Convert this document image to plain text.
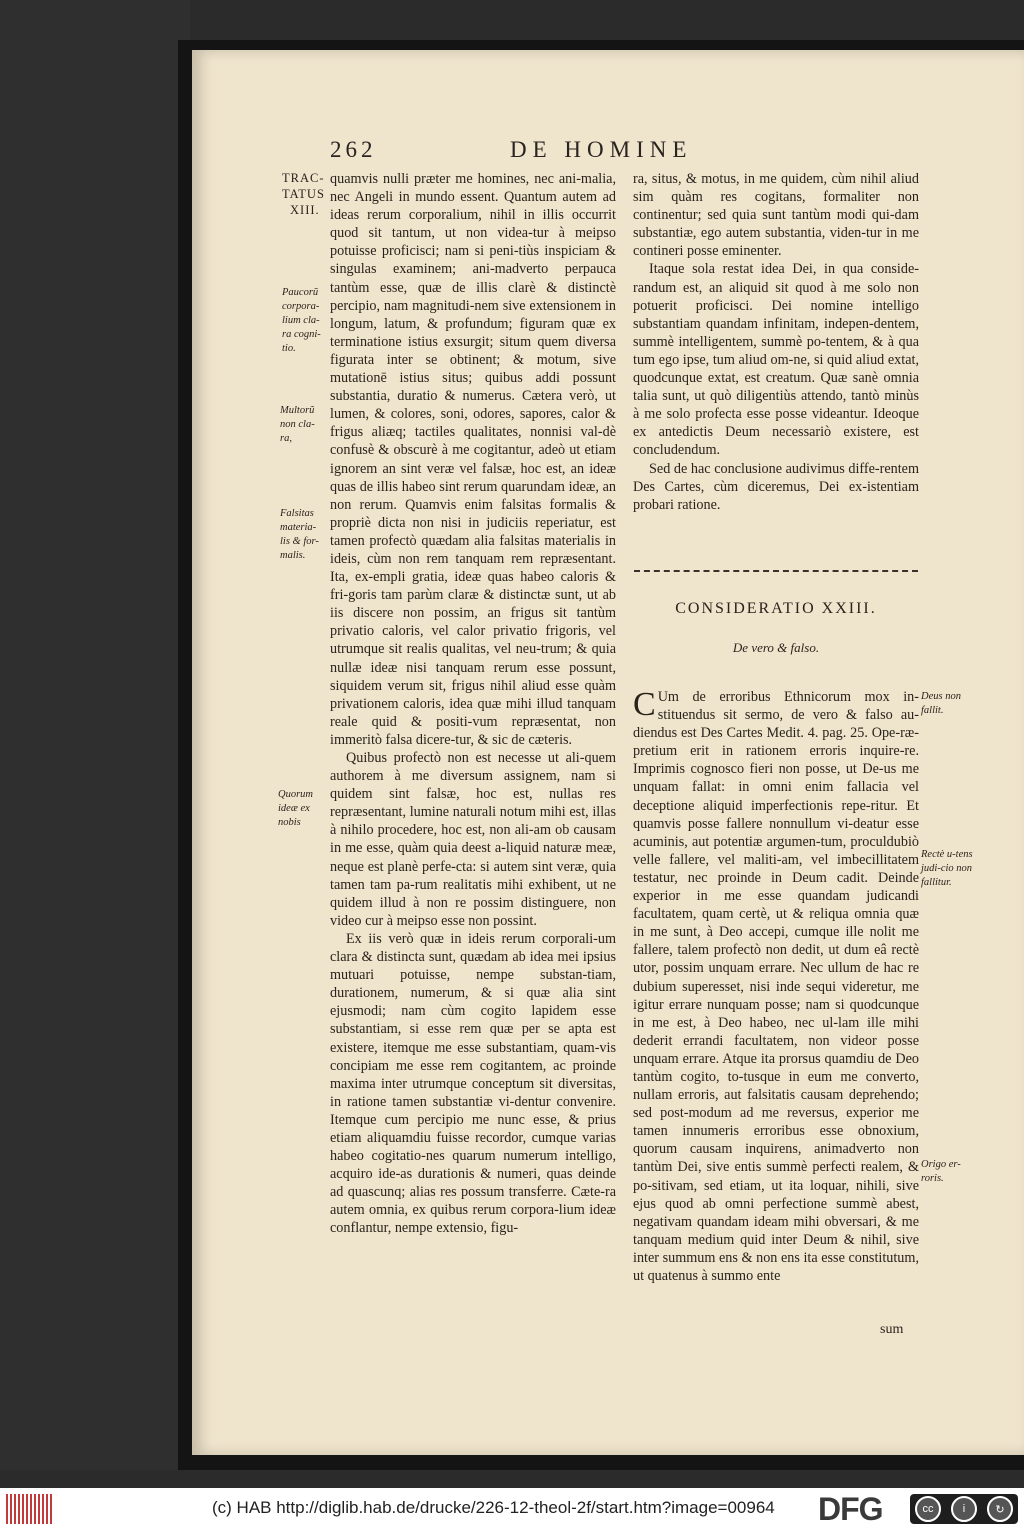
262	DE HOMINE
TRAC-
TATUS
XIII.
Paucorũ corpora-lium cla-ra cogni-tio.
Multorũ non cla-ra,
Falsitas materia-lis & for-malis.
Quorum ideæ ex nobis
Deus non fallit.
Rectè u-tens judi-cio non fallitur.
Origo er-roris.

quamvis nulli præter me homines, nec ani-malia, nec Angeli in mundo essent. Quantum autem ad ideas rerum corporalium, nihil in illis occurrit quod sit tantum, ut non videa-tur à meipso potuisse proficisci; nam si peni-tiùs inspiciam & singulas examinem; ani-madverto perpauca tantùm esse, quæ de illis clarè & distinctè percipio, nam magnitudi-nem sive extensionem in longum, latum, & profundum; figuram quæ ex terminatione istius exsurgit; situm quem diversa figurata inter se obtinent; & motum, sive mutationē istius situs; quibus addi possunt substantia, duratio & numerus. Cætera verò, ut lumen, & colores, soni, odores, sapores, calor & frigus aliæq; tactiles qualitates, nonnisi val-dè confusè & obscurè à me cogitantur, adeò ut etiam ignorem an sint veræ vel falsæ, hoc est, an ideæ quas de illis habeo sint rerum quarundam ideæ, an non rerum. Quamvis enim falsitas formalis & propriè dicta non nisi in judiciis reperiatur, est tamen profectò quædam alia falsitas materialis in ideis, cùm non rem tanquam rem repræsentant. Ita, ex-empli gratia, ideæ quas habeo caloris & fri-goris tam parùm claræ & distinctæ sunt, ut ab iis discere non possim, an frigus sit tantùm privatio caloris, vel calor privatio frigoris, vel utrumque sit realis qualitas, vel neu-trum; & quia nullæ ideæ nisi tanquam rerum esse possunt, siquidem verum sit, frigus nihil aliud esse quàm privationem caloris, idea quæ mihi illud tanquam reale quid & positi-vum repræsentat, non immeritò falsa dicere-tur, & sic de cæteris.

Quibus profectò non est necesse ut ali-quem authorem à me diversum assignem, nam si quidem sint falsæ, hoc est, nullas res repræsentant, lumine naturali notum mihi est, illas à nihilo procedere, hoc est, non ali-am ob causam in me esse, quàm quia deest a-liquid naturæ meæ, neque est planè perfe-cta: si autem sint veræ, quia tamen tam pa-rum realitatis mihi exhibent, ut ne quidem illud à non re possim distinguere, non video cur à meipso esse non possint.

Ex iis verò quæ in ideis rerum corporali-um clara & distincta sunt, quædam ab idea mei ipsius mutuari potuisse, nempe substan-tiam, durationem, numerum, & si quæ alia sint ejusmodi; nam cùm cogito lapidem esse substantiam, si esse rem quæ per se apta est existere, itemque me esse substantiam, quam-vis concipiam me esse rem cogitantem, ac proinde maxima inter utrumque conceptum sit diversitas, in ratione tamen substantiæ vi-dentur convenire. Itemque cum percipio me nunc esse, & prius etiam aliquamdiu fuisse recordor, cumque varias habeo cogitatio-nes quarum numerum intelligo, acquiro ide-as durationis & numeri, quas deinde ad quascunq; alias res possum transferre. Cæte-ra autem omnia, ex quibus rerum corpora-lium ideæ conflantur, nempe extensio, figu-

ra, situs, & motus, in me quidem, cùm nihil aliud sim quàm res cogitans, formaliter non continentur; sed quia sunt tantùm modi qui-dam substantiæ, ego autem substantia, viden-tur in me contineri posse eminenter.

Itaque sola restat idea Dei, in qua conside-randum est, an aliquid sit quod à me solo non potuerit proficisci. Dei nomine intelligo substantiam quandam infinitam, indepen-dentem, summè intelligentem, summè po-tentem, & à qua tum ego ipse, tum aliud om-ne, si quid aliud extat, quodcunque extat, est creatum. Quæ sanè omnia talia sunt, ut quò diligentiùs attendo, tantò minùs à me solo profecta esse posse videantur. Ideoque ex antedictis Deum necessariò existere, est concludendum.

Sed de hac conclusione audivimus diffe-rentem Des Cartes, cùm diceremus, Dei ex-istentiam probari ratione.

CONSIDERATIO XXIII.
De vero & falso.

C Um de erroribus Ethnicorum mox in-stituendus sit sermo, de vero & falso au-diendus est Des Cartes Medit. 4. pag. 25. Ope-ræ-pretium erit in rationem erroris inquire-re. Imprimis cognosco fieri non posse, ut De-us me unquam fallat: in omni enim fallacia vel deceptione aliquid imperfectionis repe-ritur. Et quamvis posse fallere nonnullum vi-deatur esse acuminis, aut potentiæ argumen-tum, proculdubiò velle fallere, vel maliti-am, vel imbecillitatem testatur, nec proinde in Deum cadit. Deinde experior in me esse quandam judicandi facultatem, quam certè, ut & reliqua omnia quæ in me sunt, à Deo accepi, cumque ille nolit me fallere, talem profectò non dedit, ut dum eâ rectè utor, possim unquam errare. Nec ullum de hac re dubium superesset, nisi inde sequi videretur, me igitur errare nunquam posse; nam si quodcunque in me est, à Deo habeo, nec ul-lam ille mihi dederit errandi facultatem, non videor posse unquam errare. Atque ita prorsus quamdiu de Deo tantùm cogito, to-tusque in eum me converto, nullam erroris, aut falsitatis causam deprehendo; sed post-modum ad me reversus, experior me tamen innumeris erroribus esse obnoxium, quorum causam inquirens, animadverto non tantùm Dei, sive entis summè perfecti realem, & po-sitivam, sed etiam, ut ita loquar, nihili, sive ejus quod ab omni perfectione summè abest, negativam quandam ideam mihi obversari, & me tanquam medium quid inter Deum & nihil, sive inter summum ens & non ens ita esse constitutum, ut quatenus à summo ente

sum
(c) HAB http://diglib.hab.de/drucke/226-12-theol-2f/start.htm?image=00964 DFG	cc	i	↻
